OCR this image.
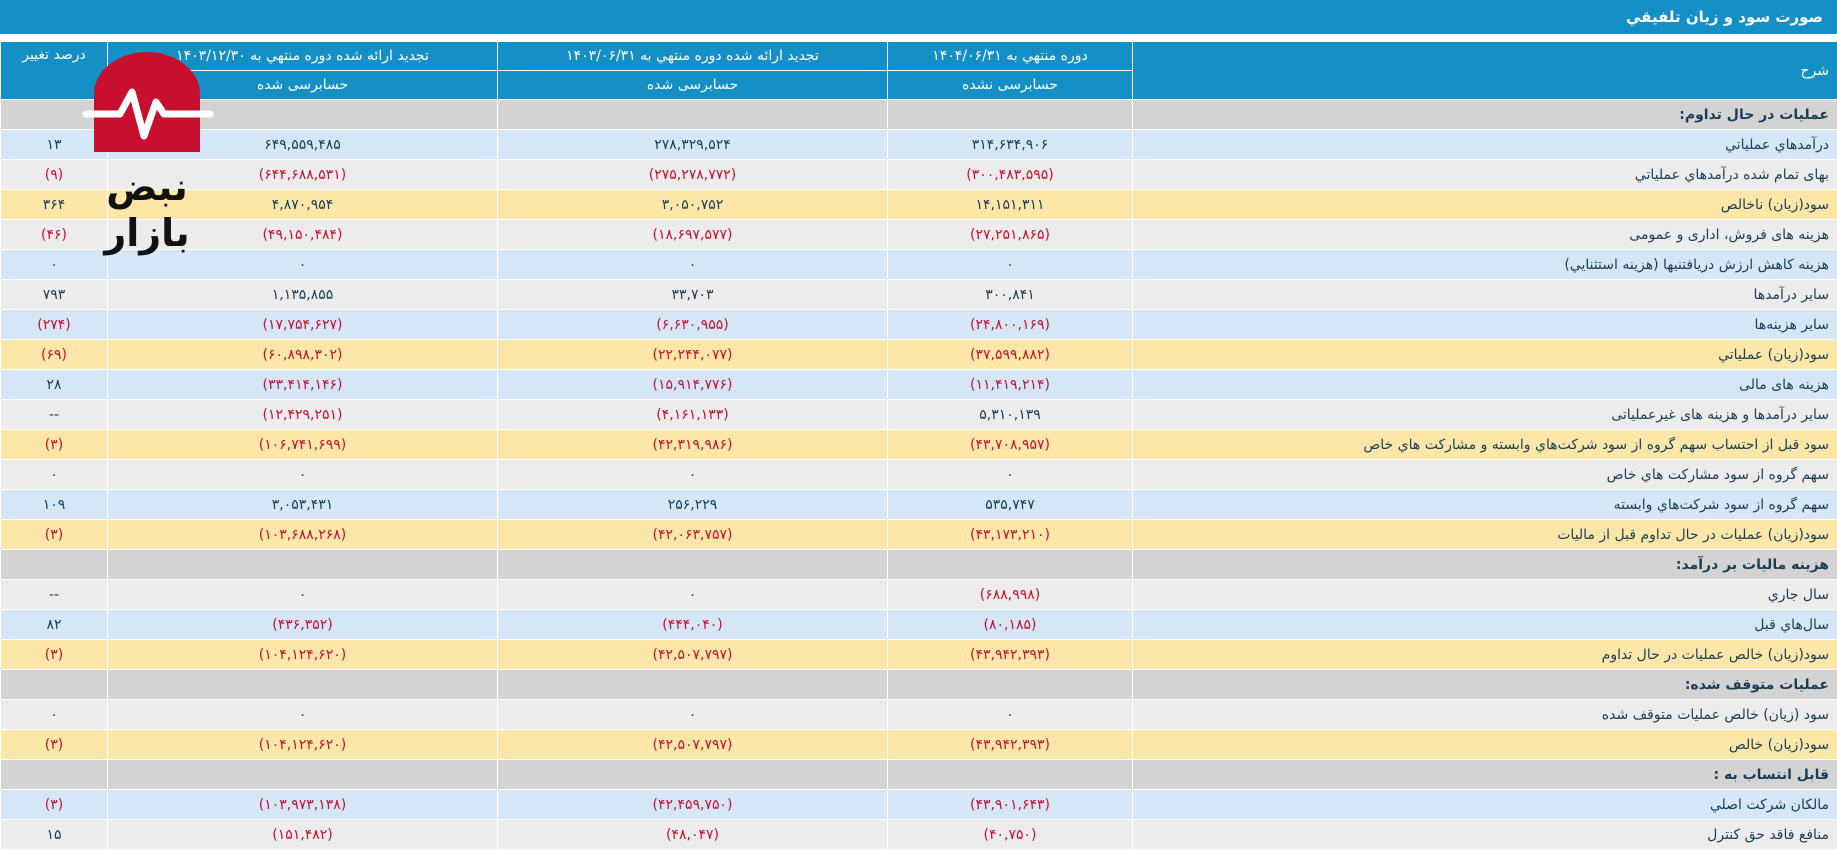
صورت سود و زیان تلفيقي
شرح	دوره منتهي به ۱۴۰۴/۰۶/۳۱	تجدید ارائه شده دوره منتهي به ۱۴۰۳/۰۶/۳۱	تجدید ارائه شده دوره منتهي به ۱۴۰۳/۱۲/۳۰	درصد تغییر
	حسابرسی نشده	حسابرسی شده	حسابرسی شده	
عملیات در حال تداوم:				
درآمدهاي عملياتي	۳۱۴,۶۳۴,۹۰۶	۲۷۸,۳۲۹,۵۲۴	۶۴۹,۵۵۹,۴۸۵	۱۳
بهاى تمام شده درآمدهاي عملياتي	(۳۰۰,۴۸۳,۵۹۵)	(۲۷۵,۲۷۸,۷۷۲)	(۶۴۴,۶۸۸,۵۳۱)	(۹)
سود(زيان) ناخالص	۱۴,۱۵۱,۳۱۱	۳,۰۵۰,۷۵۲	۴,۸۷۰,۹۵۴	۳۶۴
هزینه های فروش، اداری و عمومی	(۲۷,۲۵۱,۸۶۵)	(۱۸,۶۹۷,۵۷۷)	(۴۹,۱۵۰,۴۸۴)	(۴۶)
هزینه کاهش ارزش دريافتنيها (هزينه استثنايي)	۰	۰	۰	۰
ساير درآمدها	۳۰۰,۸۴۱	۳۳,۷۰۳	۱,۱۳۵,۸۵۵	۷۹۳
سایر هزینه‌ها	(۲۴,۸۰۰,۱۶۹)	(۶,۶۳۰,۹۵۵)	(۱۷,۷۵۴,۶۲۷)	(۲۷۴)
سود(زيان) عملياتي	(۳۷,۵۹۹,۸۸۲)	(۲۲,۲۴۴,۰۷۷)	(۶۰,۸۹۸,۳۰۲)	(۶۹)
هزينه هاى مالى	(۱۱,۴۱۹,۲۱۴)	(۱۵,۹۱۴,۷۷۶)	(۳۳,۴۱۴,۱۴۶)	۲۸
ساير درآمدها و هزينه هاى غيرعملياتى	۵,۳۱۰,۱۳۹	(۴,۱۶۱,۱۳۳)	(۱۲,۴۲۹,۲۵۱)	--
سود قبل از احتساب سهم گروه از سود شرکت‌هاي وابسته و مشارکت هاي خاص	(۴۳,۷۰۸,۹۵۷)	(۴۲,۳۱۹,۹۸۶)	(۱۰۶,۷۴۱,۶۹۹)	(۳)
سهم گروه از سود مشارکت هاي خاص	۰	۰	۰	۰
سهم گروه از سود شرکت‌هاي وابسته	۵۳۵,۷۴۷	۲۵۶,۲۲۹	۳,۰۵۳,۴۳۱	۱۰۹
سود(زيان) عمليات در حال تداوم قبل از ماليات	(۴۳,۱۷۳,۲۱۰)	(۴۲,۰۶۳,۷۵۷)	(۱۰۳,۶۸۸,۲۶۸)	(۳)
هزينه ماليات بر درآمد:				
سال جاري	(۶۸۸,۹۹۸)	۰	۰	--
سال‌هاي قبل	(۸۰,۱۸۵)	(۴۴۴,۰۴۰)	(۴۳۶,۳۵۲)	۸۲
سود(زيان) خالص عمليات در حال تداوم	(۴۳,۹۴۲,۳۹۳)	(۴۲,۵۰۷,۷۹۷)	(۱۰۴,۱۲۴,۶۲۰)	(۳)
عملیات متوقف شده:				
سود (زيان) خالص عمليات متوقف شده	۰	۰	۰	۰
سود(زيان) خالص	(۴۳,۹۴۲,۳۹۳)	(۴۲,۵۰۷,۷۹۷)	(۱۰۴,۱۲۴,۶۲۰)	(۳)
قابل انتساب به :				
مالکان شرکت اصلي	(۴۳,۹۰۱,۶۴۳)	(۴۲,۴۵۹,۷۵۰)	(۱۰۳,۹۷۳,۱۳۸)	(۳)
منافع فاقد حق کنترل	(۴۰,۷۵۰)	(۴۸,۰۴۷)	(۱۵۱,۴۸۲)	۱۵
نبض بازار
